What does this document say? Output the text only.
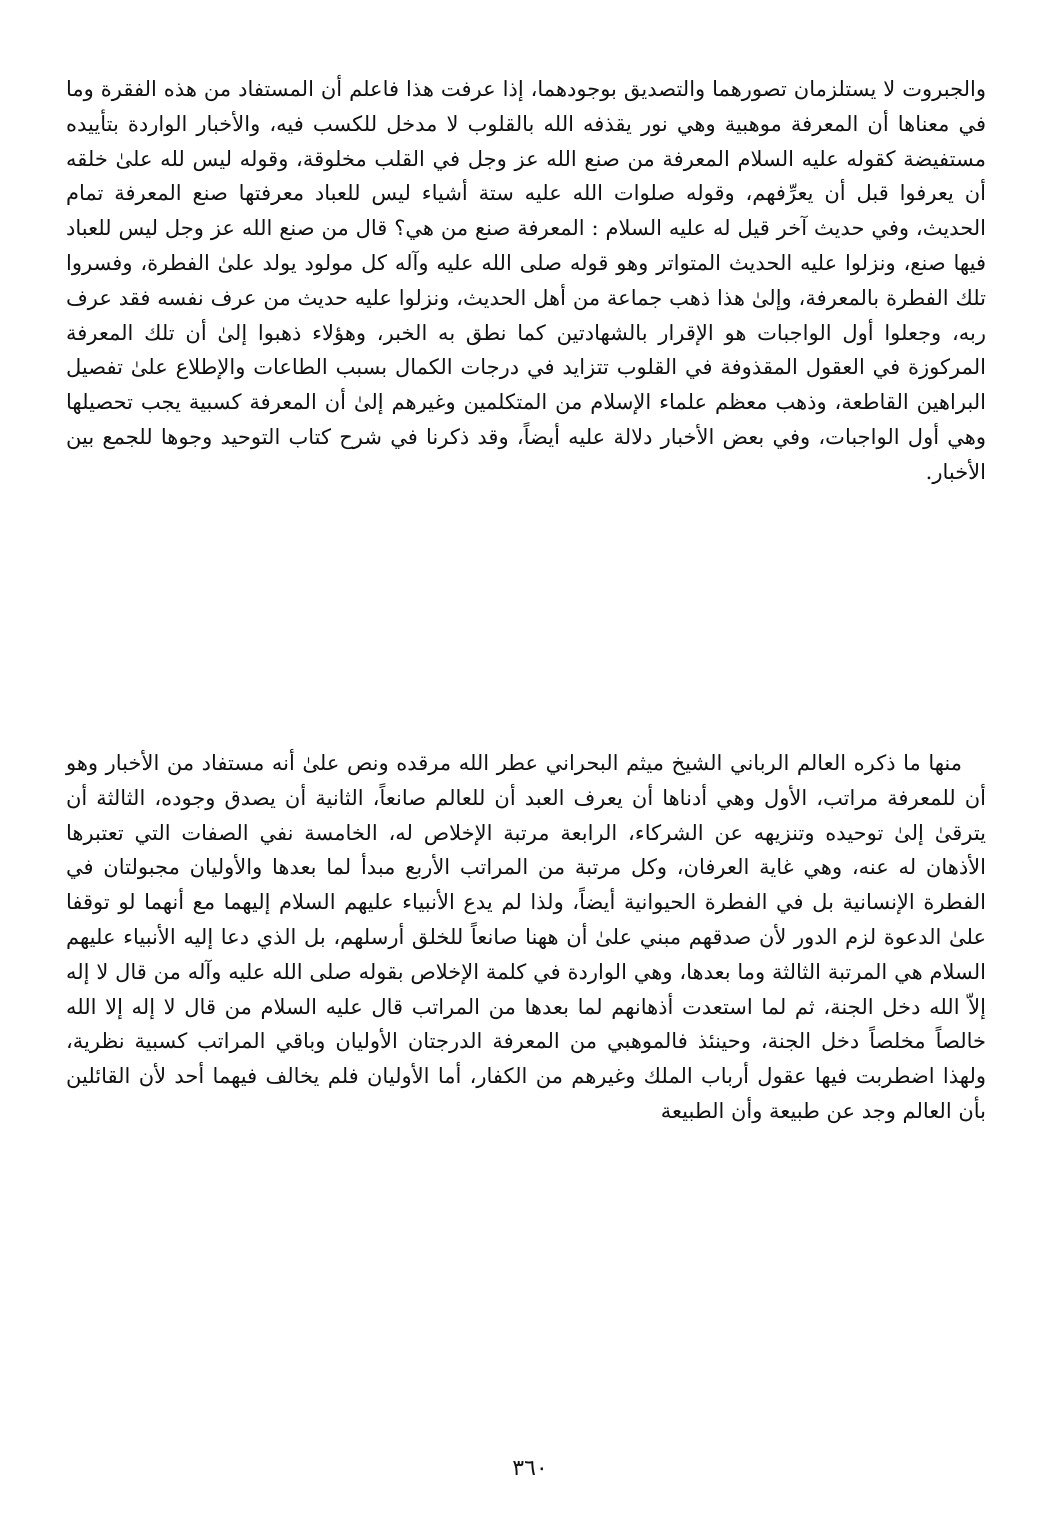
والجبروت لا يستلزمان تصورهما والتصديق بوجودهما، إذا عرفت هذا فاعلم أن المستفاد من هذه الفقرة وما في معناها أن المعرفة موهبية وهي نور يقذفه الله بالقلوب لا مدخل للكسب فيه، والأخبار الواردة بتأييده مستفيضة كقوله عليه السلام المعرفة من صنع الله عز وجل في القلب مخلوقة، وقوله ليس لله علىٰ خلقه أن يعرفوا قبل أن يعرِّفهم، وقوله صلوات الله عليه ستة أشياء ليس للعباد معرفتها صنع المعرفة تمام الحديث، وفي حديث آخر قيل له عليه السلام : المعرفة صنع من هي؟ قال من صنع الله عز وجل ليس للعباد فيها صنع، ونزلوا عليه الحديث المتواتر وهو قوله صلى الله عليه وآله كل مولود يولد علىٰ الفطرة، وفسروا تلك الفطرة بالمعرفة، وإلىٰ هذا ذهب جماعة من أهل الحديث، ونزلوا عليه حديث من عرف نفسه فقد عرف ربه، وجعلوا أول الواجبات هو الإقرار بالشهادتين كما نطق به الخبر، وهؤلاء ذهبوا إلىٰ أن تلك المعرفة المركوزة في العقول المقذوفة في القلوب تتزايد في درجات الكمال بسبب الطاعات والإطلاع علىٰ تفصيل البراهين القاطعة، وذهب معظم علماء الإسلام من المتكلمين وغيرهم إلىٰ أن المعرفة كسبية يجب تحصيلها وهي أول الواجبات، وفي بعض الأخبار دلالة عليه أيضاً، وقد ذكرنا في شرح كتاب التوحيد وجوها للجمع بين الأخبار.
منها ما ذكره العالم الرباني الشيخ ميثم البحراني عطر الله مرقده ونص علىٰ أنه مستفاد من الأخبار وهو أن للمعرفة مراتب، الأول وهي أدناها أن يعرف العبد أن للعالم صانعاً، الثانية أن يصدق وجوده، الثالثة أن يترقىٰ إلىٰ توحيده وتنزيهه عن الشركاء، الرابعة مرتبة الإخلاص له، الخامسة نفي الصفات التي تعتبرها الأذهان له عنه، وهي غاية العرفان، وكل مرتبة من المراتب الأربع مبدأ لما بعدها والأوليان مجبولتان في الفطرة الإنسانية بل في الفطرة الحيوانية أيضاً، ولذا لم يدع الأنبياء عليهم السلام إليهما مع أنهما لو توقفا علىٰ الدعوة لزم الدور لأن صدقهم مبني علىٰ أن ههنا صانعاً للخلق أرسلهم، بل الذي دعا إليه الأنبياء عليهم السلام هي المرتبة الثالثة وما بعدها، وهي الواردة في كلمة الإخلاص بقوله صلى الله عليه وآله من قال لا إله إلاّ الله دخل الجنة، ثم لما استعدت أذهانهم لما بعدها من المراتب قال عليه السلام من قال لا إله إلا الله خالصاً مخلصاً دخل الجنة، وحينئذ فالموهبي من المعرفة الدرجتان الأوليان وباقي المراتب كسبية نظرية، ولهذا اضطربت فيها عقول أرباب الملك وغيرهم من الكفار، أما الأوليان فلم يخالف فيهما أحد لأن القائلين بأن العالم وجد عن طبيعة وأن الطبيعة
٣٦٠
